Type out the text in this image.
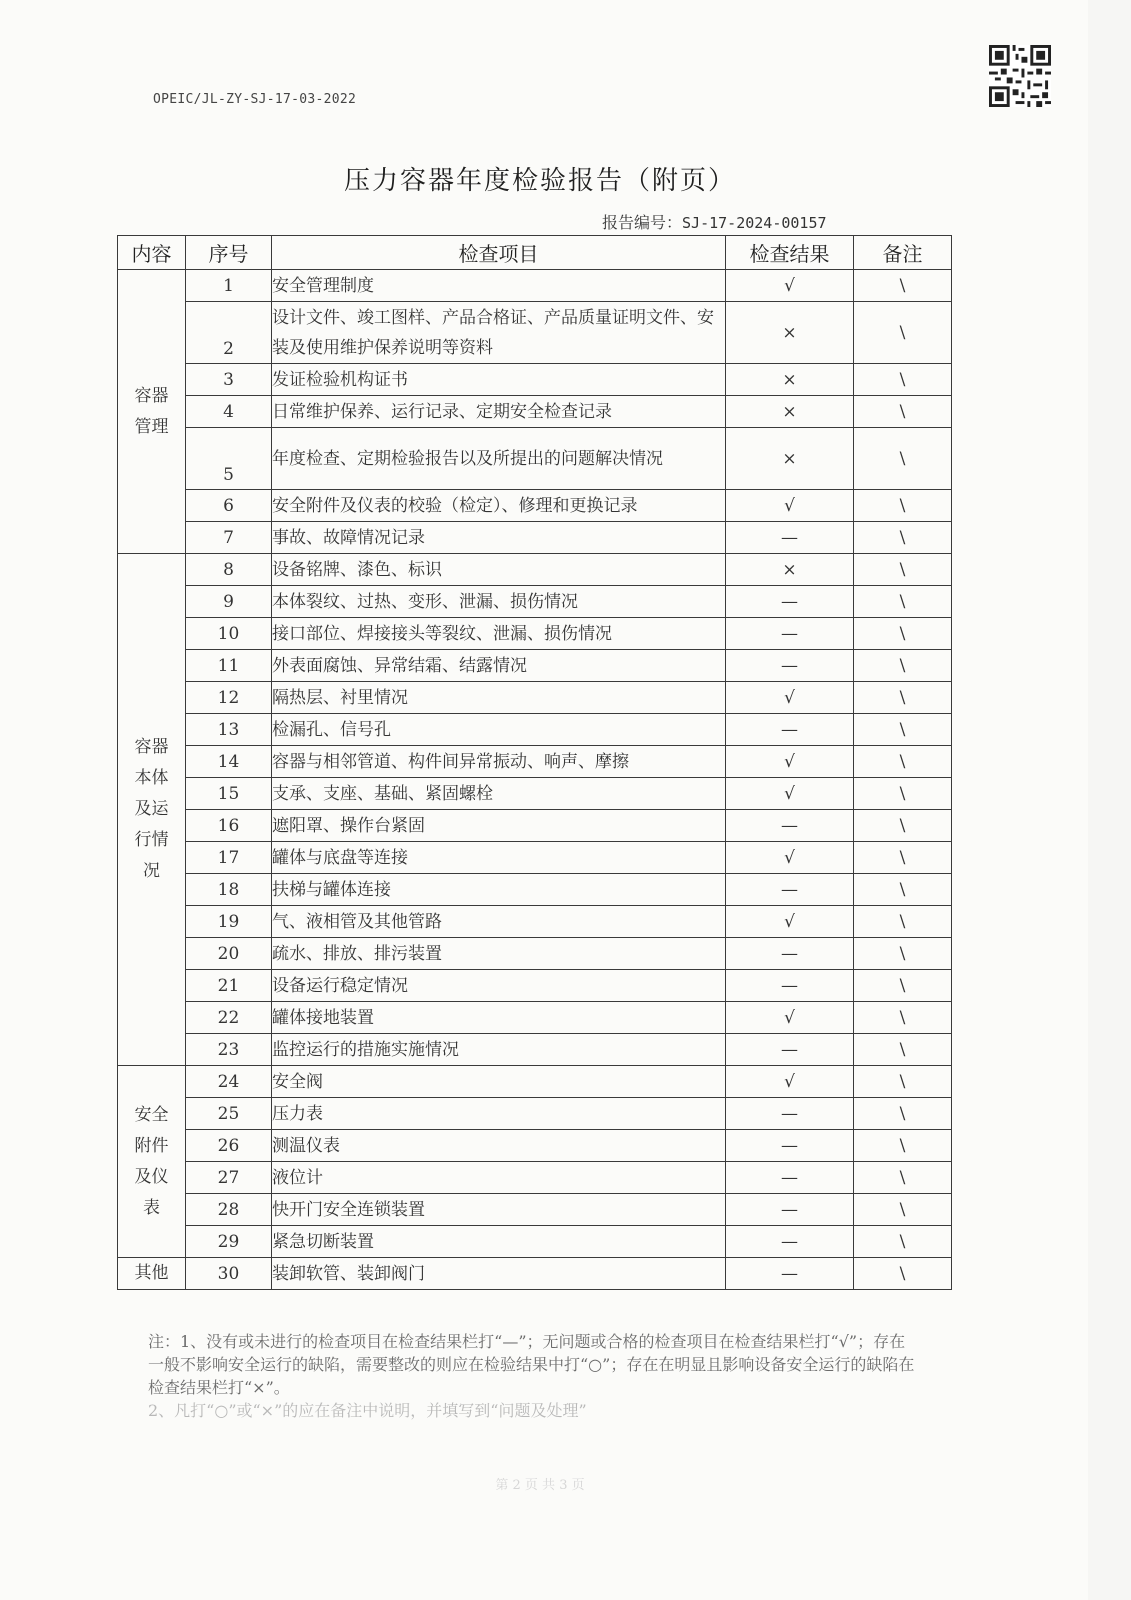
OPEIC/JL-ZY-SJ-17-03-2022
压力容器年度检验报告（附页）
报告编号：SJ-17-2024-00157
内容	序号	检查项目	检查结果	备注

容器
管理	1	安全管理制度	√	\
	2	设计文件、竣工图样、产品合格证、产品质量证明文件、安装及使用维护保养说明等资料	×	\
	3	发证检验机构证书	×	\
	4	日常维护保养、运行记录、定期安全检查记录	×	\
	5	年度检查、定期检验报告以及所提出的问题解决情况	×	\
	6	安全附件及仪表的校验（检定）、修理和更换记录	√	\
	7	事故、故障情况记录	—	\

容器
本体
及运
行情
况	8	设备铭牌、漆色、标识	×	\
	9	本体裂纹、过热、变形、泄漏、损伤情况	—	\
	10	接口部位、焊接接头等裂纹、泄漏、损伤情况	—	\
	11	外表面腐蚀、异常结霜、结露情况	—	\
	12	隔热层、衬里情况	√	\
	13	检漏孔、信号孔	—	\
	14	容器与相邻管道、构件间异常振动、响声、摩擦	√	\
	15	支承、支座、基础、紧固螺栓	√	\
	16	遮阳罩、操作台紧固	—	\
	17	罐体与底盘等连接	√	\
	18	扶梯与罐体连接	—	\
	19	气、液相管及其他管路	√	\
	20	疏水、排放、排污装置	—	\
	21	设备运行稳定情况	—	\
	22	罐体接地装置	√	\
	23	监控运行的措施实施情况	—	\

安全
附件
及仪
表	24	安全阀	√	\
	25	压力表	—	\
	26	测温仪表	—	\
	27	液位计	—	\
	28	快开门安全连锁装置	—	\
	29	紧急切断装置	—	\

其他	30	装卸软管、装卸阀门	—	\

注：1、没有或未进行的检查项目在检查结果栏打“—”；无问题或合格的检查项目在检查结果栏打“√”；存在一般不影响安全运行的缺陷，需要整改的则应在检验结果中打“○”；存在在明显且影响设备安全运行的缺陷在检查结果栏打“×”。

2、凡打“○”或“×”的应在备注中说明，并填写到“问题及处理”

第 2 页 共 3 页
